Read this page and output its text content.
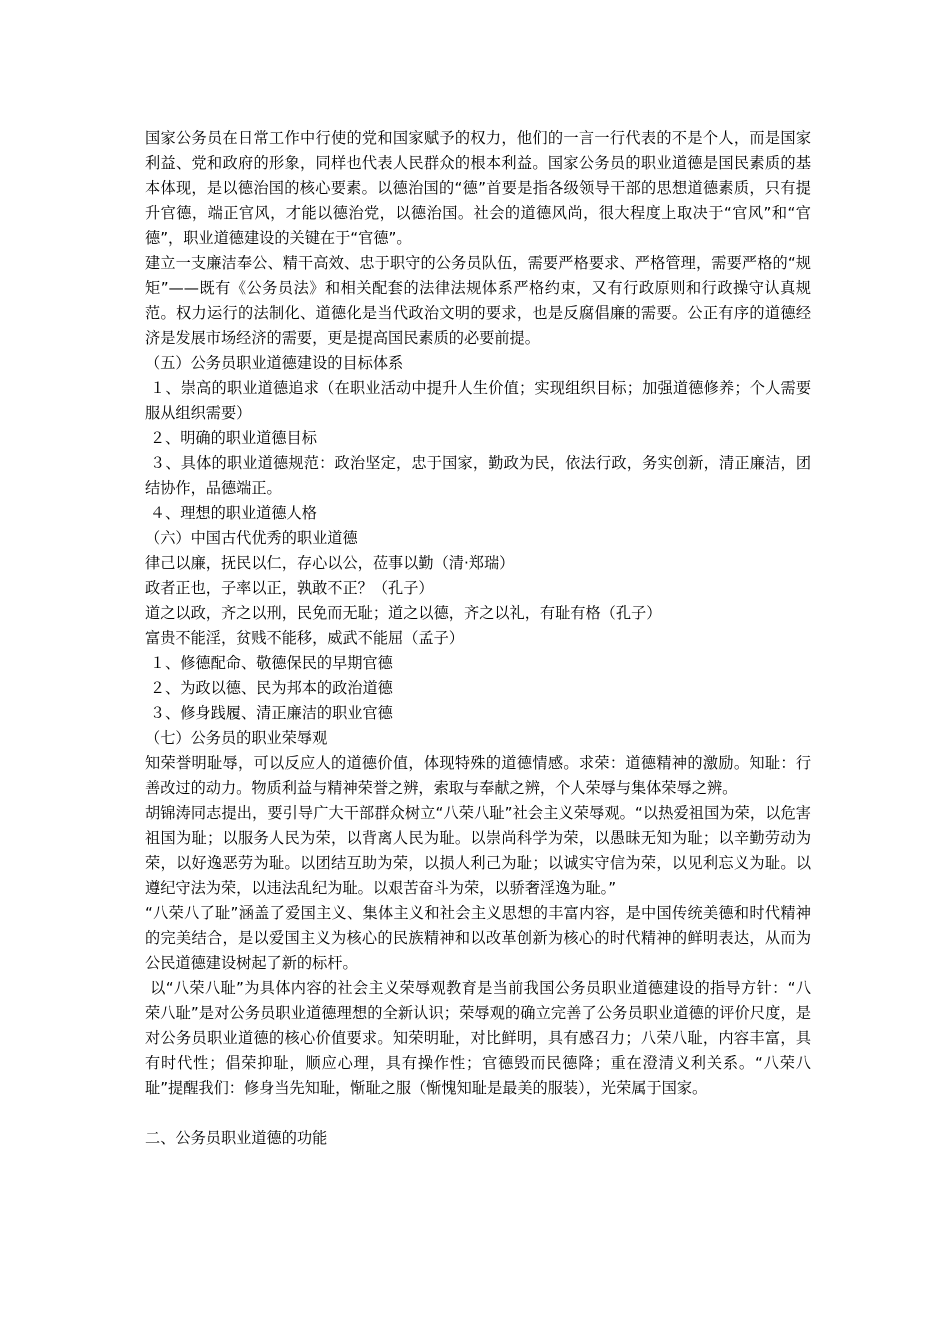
国家公务员在日常工作中行使的党和国家赋予的权力，他们的一言一行代表的不是个人，而是国家利益、党和政府的形象，同样也代表人民群众的根本利益。国家公务员的职业道德是国民素质的基本体现，是以德治国的核心要素。以德治国的“德”首要是指各级领导干部的思想道德素质，只有提升官德，端正官风，才能以德治党，以德治国。社会的道德风尚，很大程度上取决于“官风”和“官德”，职业道德建设的关键在于“官德”。

建立一支廉洁奉公、精干高效、忠于职守的公务员队伍，需要严格要求、严格管理，需要严格的“规矩”——既有《公务员法》和相关配套的法律法规体系严格约束，又有行政原则和行政操守认真规范。权力运行的法制化、道德化是当代政治文明的要求，也是反腐倡廉的需要。公正有序的道德经济是发展市场经济的需要，更是提高国民素质的必要前提。

（五）公务员职业道德建设的目标体系

１、崇高的职业道德追求（在职业活动中提升人生价值；实现组织目标；加强道德修养；个人需要服从组织需要）

２、明确的职业道德目标

３、具体的职业道德规范：政治坚定，忠于国家，勤政为民，依法行政，务实创新，清正廉洁，团结协作，品德端正。

４、理想的职业道德人格

（六）中国古代优秀的职业道德

律己以廉，抚民以仁，存心以公，莅事以勤（清·郑瑞）

政者正也，子率以正，孰敢不正？（孔子）

道之以政，齐之以刑，民免而无耻；道之以德，齐之以礼，有耻有格（孔子）

富贵不能淫，贫贱不能移，威武不能屈（孟子）

１、修德配命、敬德保民的早期官德

２、为政以德、民为邦本的政治道德

３、修身践履、清正廉洁的职业官德

（七）公务员的职业荣辱观

知荣誉明耻辱，可以反应人的道德价值，体现特殊的道德情感。求荣：道德精神的激励。知耻：行善改过的动力。物质利益与精神荣誉之辨，索取与奉献之辨，个人荣辱与集体荣辱之辨。

胡锦涛同志提出，要引导广大干部群众树立“八荣八耻”社会主义荣辱观。“以热爱祖国为荣，以危害祖国为耻；以服务人民为荣，以背离人民为耻。以崇尚科学为荣，以愚昧无知为耻；以辛勤劳动为荣，以好逸恶劳为耻。以团结互助为荣，以损人利己为耻；以诚实守信为荣，以见利忘义为耻。以遵纪守法为荣，以违法乱纪为耻。以艰苦奋斗为荣，以骄奢淫逸为耻。”

“八荣八了耻”涵盖了爱国主义、集体主义和社会主义思想的丰富内容，是中国传统美德和时代精神的完美结合，是以爱国主义为核心的民族精神和以改革创新为核心的时代精神的鲜明表达，从而为公民道德建设树起了新的标杆。

以“八荣八耻”为具体内容的社会主义荣辱观教育是当前我国公务员职业道德建设的指导方针：“八荣八耻”是对公务员职业道德理想的全新认识；荣辱观的确立完善了公务员职业道德的评价尺度，是对公务员职业道德的核心价值要求。知荣明耻，对比鲜明，具有感召力；八荣八耻，内容丰富，具有时代性；倡荣抑耻，顺应心理，具有操作性；官德毁而民德降；重在澄清义利关系。“八荣八耻”提醒我们：修身当先知耻，惭耻之服（惭愧知耻是最美的服装），光荣属于国家。

二、公务员职业道德的功能
